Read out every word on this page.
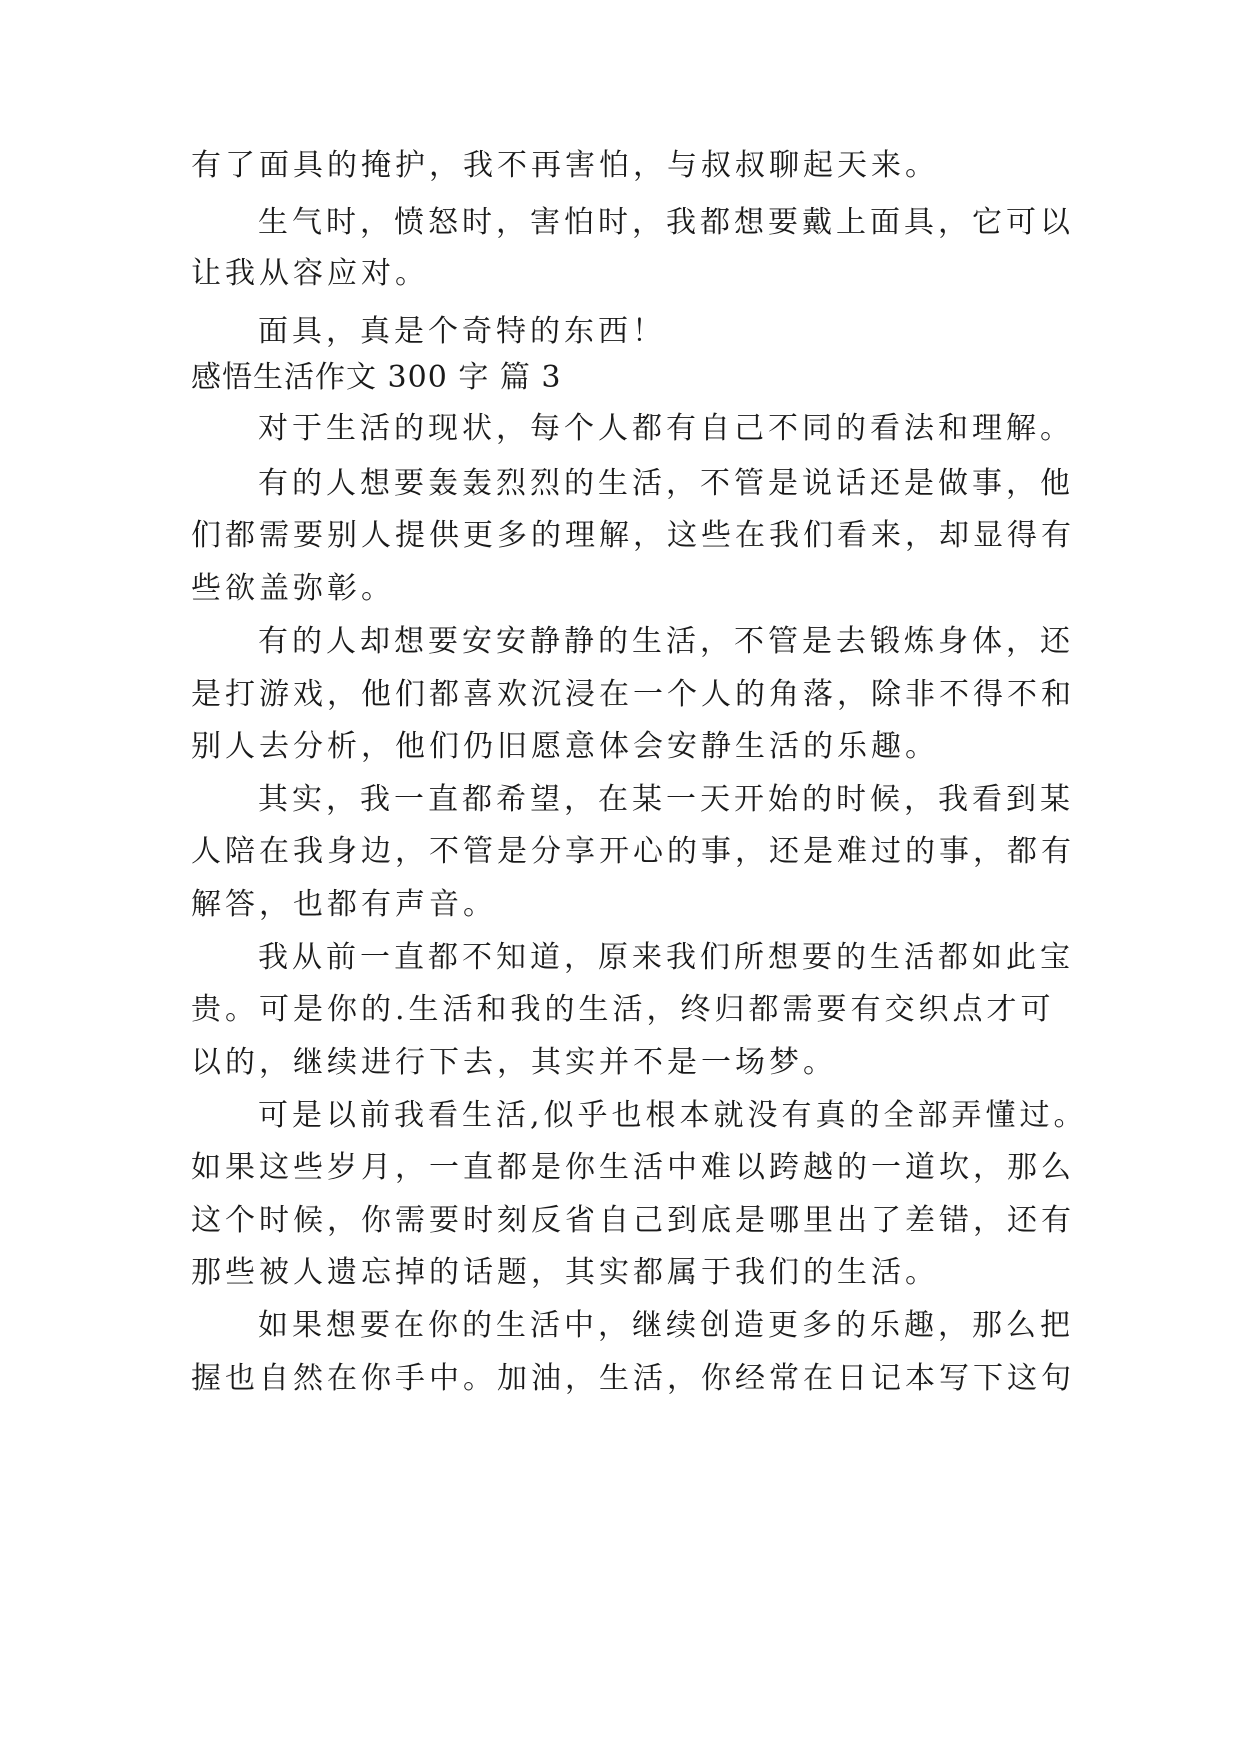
有了面具的掩护，我不再害怕，与叔叔聊起天来。
生气时，愤怒时，害怕时，我都想要戴上面具，它可以
让我从容应对。
面具，真是个奇特的东西！
感悟生活作文 300 字 篇 3
对于生活的现状，每个人都有自己不同的看法和理解。
有的人想要轰轰烈烈的生活，不管是说话还是做事，他
们都需要别人提供更多的理解，这些在我们看来，却显得有
些欲盖弥彰。
有的人却想要安安静静的生活，不管是去锻炼身体，还
是打游戏，他们都喜欢沉浸在一个人的角落，除非不得不和
别人去分析，他们仍旧愿意体会安静生活的乐趣。
其实，我一直都希望，在某一天开始的时候，我看到某
人陪在我身边，不管是分享开心的事，还是难过的事，都有
解答，也都有声音。
我从前一直都不知道，原来我们所想要的生活都如此宝
贵。可是你的.生活和我的生活，终归都需要有交织点才可
以的，继续进行下去，其实并不是一场梦。
可是以前我看生活,似乎也根本就没有真的全部弄懂过。
如果这些岁月，一直都是你生活中难以跨越的一道坎，那么
这个时候，你需要时刻反省自己到底是哪里出了差错，还有
那些被人遗忘掉的话题，其实都属于我们的生活。
如果想要在你的生活中，继续创造更多的乐趣，那么把
握也自然在你手中。加油，生活，你经常在日记本写下这句
